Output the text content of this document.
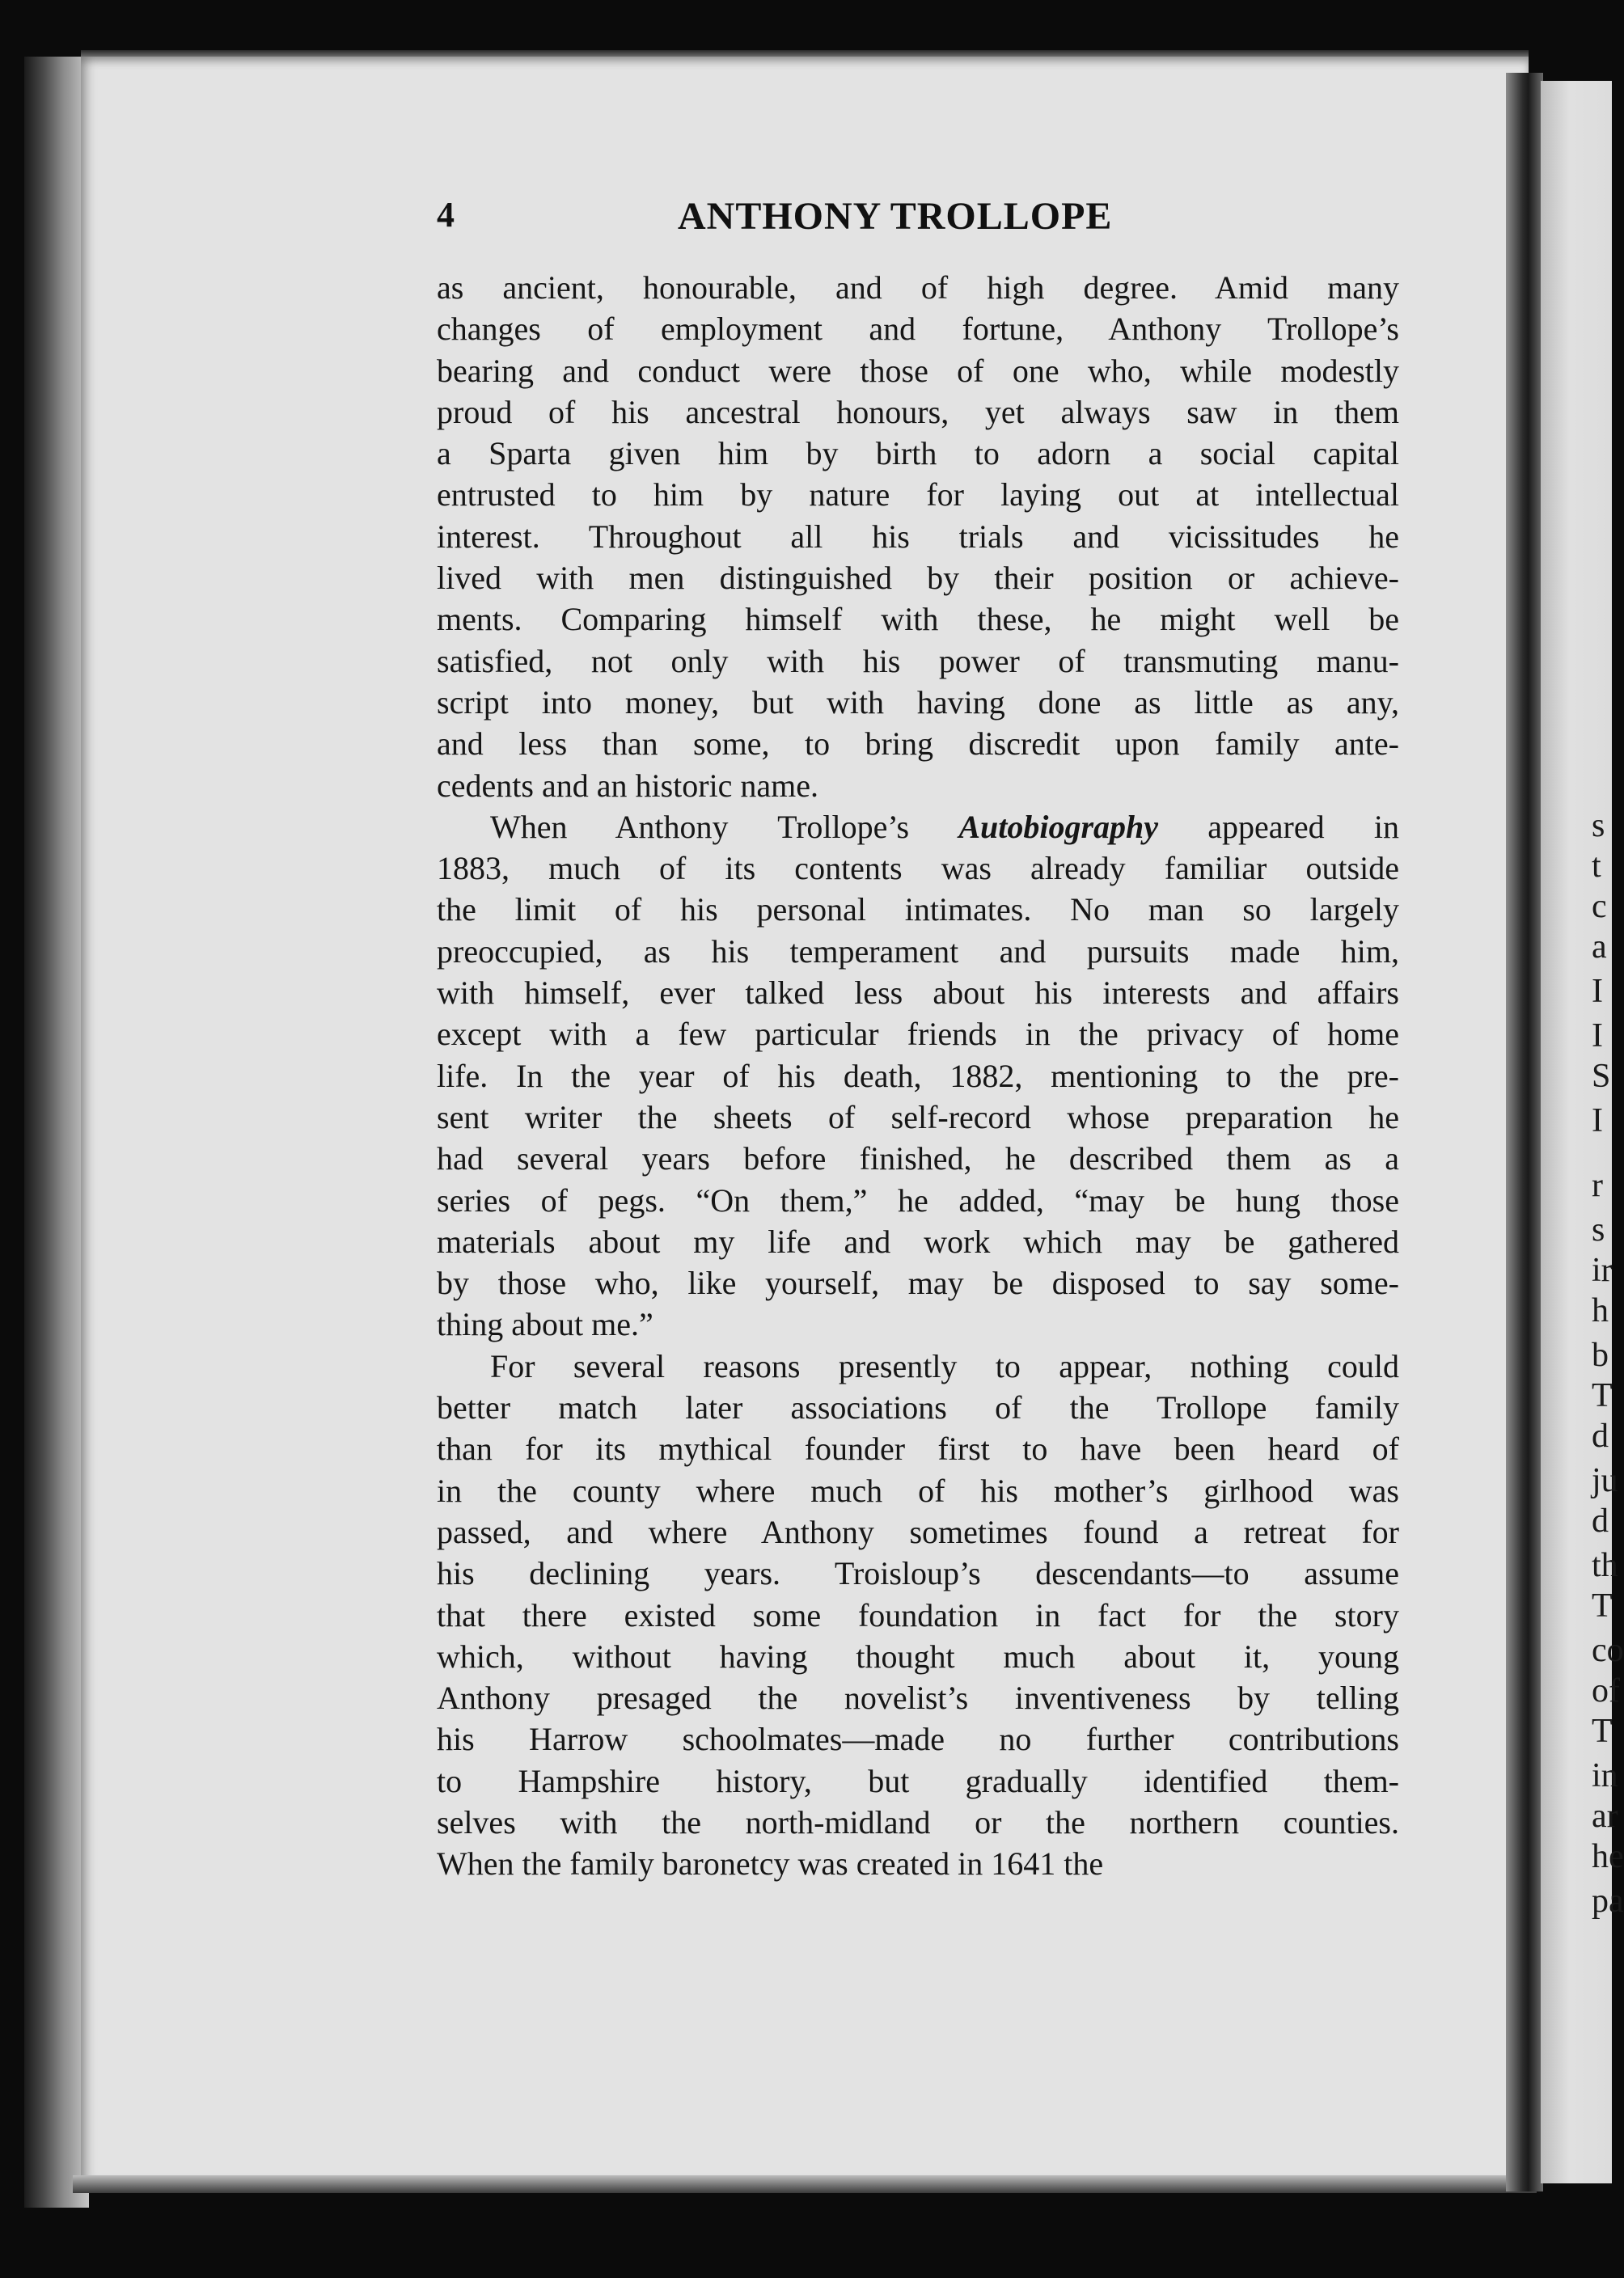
s
t
c
a
I
I
S
I
r
s
ir
h
b
T
d
ju
d
th
T
co
of
T
in
ar
he
pa
4	ANTHONY TROLLOPE
as ancient, honourable, and of high degree. Amid many
changes of employment and fortune, Anthony Trollope’s
bearing and conduct were those of one who, while modestly
proud of his ancestral honours, yet always saw in them
a Sparta given him by birth to adorn a social capital
entrusted to him by nature for laying out at intellectual
interest. Throughout all his trials and vicissitudes he
lived with men distinguished by their position or achieve-
ments. Comparing himself with these, he might well be
satisfied, not only with his power of transmuting manu-
script into money, but with having done as little as any,
and less than some, to bring discredit upon family ante-
cedents and an historic name.
When Anthony Trollope’s Autobiography appeared in
1883, much of its contents was already familiar outside
the limit of his personal intimates. No man so largely
preoccupied, as his temperament and pursuits made him,
with himself, ever talked less about his interests and affairs
except with a few particular friends in the privacy of home
life. In the year of his death, 1882, mentioning to the pre-
sent writer the sheets of self-record whose preparation he
had several years before finished, he described them as a
series of pegs. “On them,” he added, “may be hung those
materials about my life and work which may be gathered
by those who, like yourself, may be disposed to say some-
thing about me.”
For several reasons presently to appear, nothing could
better match later associations of the Trollope family
than for its mythical founder first to have been heard of
in the county where much of his mother’s girlhood was
passed, and where Anthony sometimes found a retreat for
his declining years. Troisloup’s descendants—to assume
that there existed some foundation in fact for the story
which, without having thought much about it, young
Anthony presaged the novelist’s inventiveness by telling
his Harrow schoolmates—made no further contributions
to Hampshire history, but gradually identified them-
selves with the north-midland or the northern counties.
When the family baronetcy was created in 1641 the
